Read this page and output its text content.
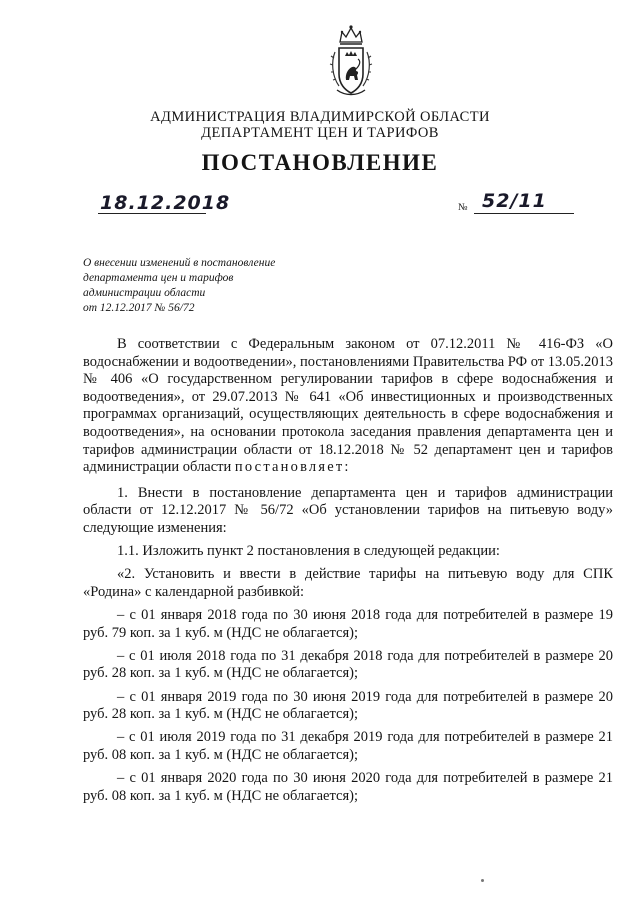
АДМИНИСТРАЦИЯ ВЛАДИМИРСКОЙ ОБЛАСТИ
ДЕПАРТАМЕНТ ЦЕН И ТАРИФОВ
ПОСТАНОВЛЕНИЕ
18.12.2018	№ 52/11
О внесении изменений в постановление
департамента цен и тарифов
администрации области
от 12.12.2017 № 56/72

В соответствии с Федеральным законом от 07.12.2011 № 416-ФЗ «О водоснабжении и водоотведении», постановлениями Правительства РФ от 13.05.2013 № 406 «О государственном регулировании тарифов в сфере водоснабжения и водоотведения», от 29.07.2013 № 641 «Об инвестиционных и производственных программах организаций, осуществляющих деятельность в сфере водоснабжения и водоотведения», на основании протокола заседания правления департамента цен и тарифов администрации области от 18.12.2018 № 52 департамент цен и тарифов администрации области постановляет:

1. Внести в постановление департамента цен и тарифов администрации области от 12.12.2017 № 56/72 «Об установлении тарифов на питьевую воду» следующие изменения:

1.1. Изложить пункт 2 постановления в следующей редакции:

«2. Установить и ввести в действие тарифы на питьевую воду для СПК «Родина» с календарной разбивкой:

– с 01 января 2018 года по 30 июня 2018 года для потребителей в размере 19 руб. 79 коп. за 1 куб. м (НДС не облагается);

– с 01 июля 2018 года по 31 декабря 2018 года для потребителей в размере 20 руб. 28 коп. за 1 куб. м (НДС не облагается);

– с 01 января 2019 года по 30 июня 2019 года для потребителей в размере 20 руб. 28 коп. за 1 куб. м (НДС не облагается);

– с 01 июля 2019 года по 31 декабря 2019 года для потребителей в размере 21 руб. 08 коп. за 1 куб. м (НДС не облагается);

– с 01 января 2020 года по 30 июня 2020 года для потребителей в размере 21 руб. 08 коп. за 1 куб. м (НДС не облагается);
